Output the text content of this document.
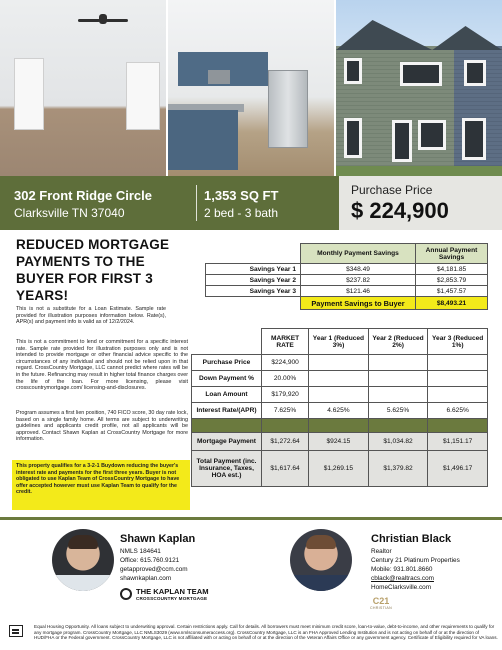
302 Front Ridge Circle
Clarksville TN 37040
1,353 SQ FT
2 bed - 3 bath
Purchase Price
$ 224,900
REDUCED MORTGAGE PAYMENTS TO THE BUYER FOR FIRST 3 YEARS!
This is not a substitute for a Loan Estimate. Sample rate provided for illustration purposes information below. Rate(s), APR(s) and payment info is valid as of 12/2/2024.
This is not a commitment to lend or commitment for a specific interest rate. Sample rate provided for illustration purposes only and is not intended to provide mortgage or other financial advice specific to the circumstances of any individual and should not be relied upon in that regard. CrossCountry Mortgage, LLC cannot predict where rates will be in the future. Refinancing may result in higher total finance charges over the life of the loan. For more licensing, please visit crosscountrymortgage.com/ licensing-and-disclosures.
Program assumes a first lien position, 740 FICO score, 30 day rate lock, based on a single family home. All terms are subject to underwriting guidelines and applicants credit profile, not all applicants will be approved. Contact Shawn Kaplan at CrossCountry Mortgage for more information.
This property qualifies for a 3-2-1 Buydown reducing the buyer's interest rate and payments for the first three years. Buyer is not obligated to use Kaplan Team of CrossCountry Mortgage to have offer accepted however must use Kaplan Team to qualify for the credit.
	Monthly Payment Savings	Annual Payment Savings
Savings Year 1	$348.49	$4,181.85
Savings Year 2	$237.82	$2,853.79
Savings Year 3	$121.46	$1,457.57
	Payment Savings to Buyer	$8,493.21
	MARKET RATE	Year 1 (Reduced 3%)	Year 2 (Reduced 2%)	Year 3 (Reduced 1%)
Purchase Price	$224,900			
Down Payment %	20.00%			
Loan Amount	$179,920			
Interest Rate/(APR)	7.625%	4.625%	5.625%	6.625%

Mortgage Payment	$1,272.64	$924.15	$1,034.82	$1,151.17
Total Payment (inc. Insurance, Taxes, HOA est.)	$1,617.64	$1,269.15	$1,379.82	$1,496.17
Shawn Kaplan
NMLS 184641
Office: 615.760.9121
getapproved@ccm.com
shawnkaplan.com
THE KAPLAN TEAM
CROSSCOUNTRY MORTGAGE
Christian Black
Realtor
Century 21 Platinum Properties
Mobile: 931.801.8660
cblack@realtracs.com
HomeClarksville.com
C21
CHRISTIAN
Equal Housing Opportunity. All loans subject to underwriting approval. Certain restrictions apply. Call for details. All borrowers must meet minimum credit score, loan-to-value, debt-to-income, and other requirements to qualify for any mortgage program. CrossCountry Mortgage, LLC NMLS3029 (www.nmlsconsumeraccess.org). CrossCountry Mortgage, LLC is an FHA Approved Lending Institution and is not acting on behalf of or at the direction of HUD/FHA or the Federal government. CrossCountry Mortgage, LLC is not affiliated with or acting on behalf of or at the direction of the Veteran Affairs Office or any government agency. Certificate of Eligibility required for VA loans.
